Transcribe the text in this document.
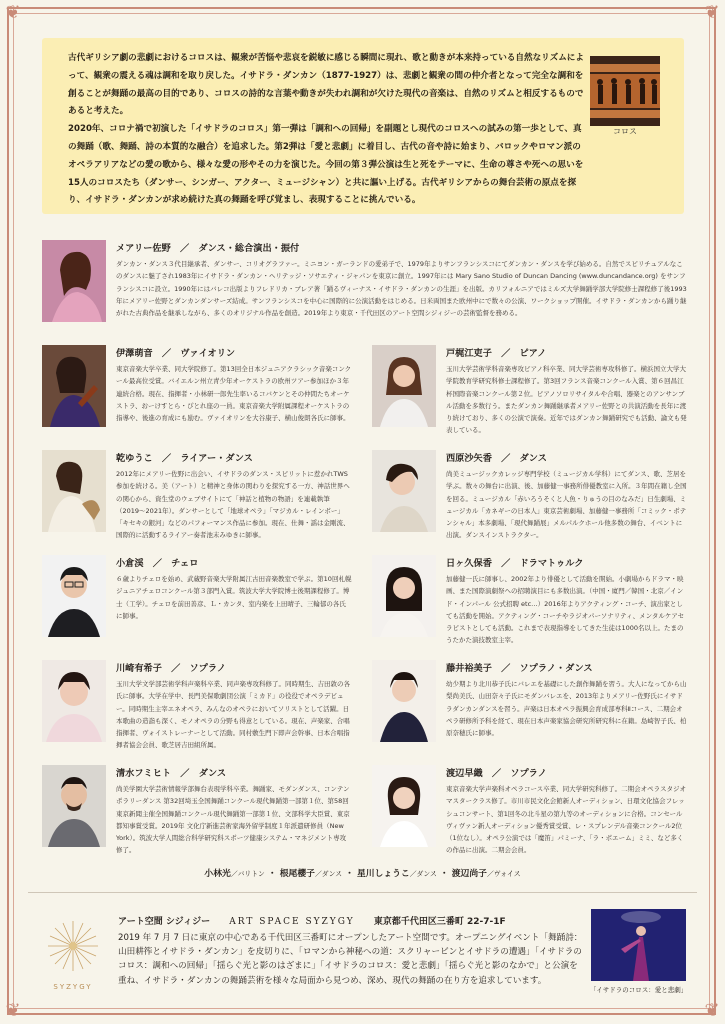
❦	❦
❦	❦

古代ギリシア劇の悲劇におけるコロスは、観衆が苦悩や悲哀を鋭敏に感じる瞬間に現れ、歌と動きが本来持っている自然なリズムによって、観衆の震える魂は調和を取り戻した。イサドラ・ダンカン（1877-1927）は、悲劇と観衆の間の仲介者となって完全な調和を創ることが舞踊の最高の目的であり、コロスの詩的な言葉や動きが失われ調和が欠けた現代の音楽は、自然のリズムと相反するものであると考えた。

2020年、コロナ禍で初演した「イサドラのコロス」第一弾は「調和への回帰」を副題とし現代のコロスへの試みの第一歩として、真の舞踊（歌、舞踊、詩の本質的な融合）を追求した。第2弾は「愛と悲劇」に着目し、古代の音や詩に始まり、バロックやロマン派のオペラアリアなどの愛の歌から、様々な愛の形やその力を演じた。今回の第３弾公演は生と死をテーマに、生命の尊さや死への思いを15人のコロスたち（ダンサー、シンガー、アクター、ミュージシャン）と共に謳い上げる。古代ギリシアからの舞台芸術の原点を探り、イサドラ・ダンカンが求め続けた真の舞踊を呼び覚まし、表現することに挑んでいる。

コロス

メアリー佐野　／　ダンス・総合演出・振付

ダンカン・ダンス３代目継承者、ダンサー、コリオグラファー。ミニヨン・ガーランドの愛弟子で、1979年よりサンフランシスコにてダンカン・ダンスを学び始める。自然でスピリチュアルなこのダンスに魅了され1983年にイサドラ・ダンカン・ヘリテッジ・ソサエティ・ジャパンを東京に創立。1997年には Mary Sano Studio of Duncan Dancing (www.duncandance.org) をサンフランシスコに設立。1990年にはバレコ出版よりフレドリカ・ブレア著「踊るヴィーナス・イサドラ・ダンカンの生涯」を出版。カリフォルニアではミルズ大学舞踊学部大学院修士課程修了後1993年にメアリー佐野とダンカンダンサーズ結成。サンフランシスコを中心に国際的に公演活動をはじめる。日米両国また欧州中にで数々の公演、ワークショップ開催。イサドラ・ダンカンから踊り継がれた古典作品を継承しながら、多くのオリジナル作品を創造。2019年より東京・千代田区のアート空間シジィジーの芸術監督を務める。

伊澤萌音　／　ヴァイオリン

東京音楽大学卒業、同大学院修了。第13回全日本ジュニアクラシック音楽コンクール最高位受賞。バイエルン州立青少年オーケストラの欧州ツアー参加ほか３年連続合格。現在、指揮者・小林研一郎先生率いるコバケンとその仲間たちオーケストラ、おーけすとら・ぴとれ座の一員。東京音楽大学附属課程オーケストラの指導や、後進の育成にも励む。ヴァイオリンを大谷康子、横山俊朗各氏に師事。

戸梶江吏子　／　ピアノ

玉川大学芸術学科音楽専攻ピアノ科卒業、同大学芸術専攻科修了。横浜国立大学大学院教育学研究科修士課程修了。第3回フランス音楽コンクール入賞、第６回昌江杯国際音楽コンクール第２位。ピアノソロリサイタルや合唱、器楽とのアンサンブル活動を多数行う。またダンカン舞踊継承者メアリー佐野との共演活動を長年に渡り続けており、多くの公演で演奏。近年ではダンカン舞踊研究でも活動、論文も発表している。

乾ゆうこ　／　ライアー・ダンス

2012年にメアリー佐野に出会い、イサドラのダンス・スピリットに惹かれTWS参加を続ける。美（アート）と精神と身体の関わりを探究する一方、神話世界への関心から、資生堂のウェブサイトにて「神話と植物の物語」を連載執筆（2019～2021年）。ダンサーとして「地球オペラ」「マジカル・レインボー」「キセキの銀河」などのパフォーマンス作品に参加。現在、仕舞・謡は金剛流、国際的に活動するライアー奏者池末みゆきに師事。

西原沙矢香　／　ダンス

尚美ミュージックカレッジ専門学校（ミュージカル学科）にてダンス、歌、芝居を学ぶ。数々の舞台に出演、後、加藤健一事務所俳優教室に入所。３年間在籍し全国を回る。ミュージカル「赤いろうそくと人魚・りゅうの目のなみだ」日生劇場、ミュージカル「カネギーの日本人」東京芸術劇場、加藤健一事務所「コミック・ポテンシャル」本多劇場、「現代舞踊展」メルパルクホール他多数の舞台、イベントに出演。ダンスインストラクター。

小倉渓　／　チェロ

６歳よりチェロを始め、武蔵野音楽大学附属江古田音楽教室で学ぶ。第10回札幌ジュニアチェロコンクール第３部門入賞。筑波大学大学院博士後期課程修了。博士（工学）。チェロを前田善彦、Ｌ・カンタ、室内楽を上田晴子、三輪郁の各氏に師事。

日ヶ久保香　／　ドラマトゥルク

加藤健一氏に師事し、2002年より俳優として活動を開始。小劇場からドラマ・映画、また国際演劇祭への招聘演目にも多数出演。（中国・廈門／韓国・北京／インド・インパール 公式招聘 etc…）2016年よりアクティング・コーチ、演出家としても活動を開始。アクティング・コーチやラジオパーソナリティ、メンタルケアセラピストとしても活動。これまで表現指導をしてきた生徒は1000名以上。たまのうたかた演技教室主宰。

川崎有希子　／　ソプラノ

玉川大学文学部芸術学科声楽科卒業、同声楽専攻科修了。同時期生、吉田敦の各氏に師事。大学在学中、長門美保歌劇団公演「ミカド」の役役でオペラデビュー。同時期生主宰エネオペラ、みんなのオペラにおいてソリストとして活躍。日本歌曲の造詣も深く、モノオペラの分野も得意としている。現在、声楽家、合唱指揮者、ヴォイストレーナーとして活動。同村敷生門下即声会幹事、日本合唱指揮者協会会員、歌芝居吉田組所属。

藤井裕美子　／　ソプラノ・ダンス

幼少期より北川恭子氏にバレエを基礎にした創作舞踊を習う。大人になってから山梨尚美氏、山田奈々子氏にモダンバレエを、2013年よりメアリー佐野氏にイサドラダンカンダンスを習う。声楽は日本オペラ振興会育成部専科Ⅱコース、二期会オペラ研修所予科を経て、現在日本声楽家協会研究所研究科に在籍。島崎智子氏、柏原奈穂氏に師事。

清水フミヒト　／　ダンス

尚美学園大学芸術情報学部舞台表現学科卒業。舞踊家、モダンダンス、コンテンポラリーダンス 第32回埼玉全国舞踊コンクール現代舞踊第一部第１位、第58回東京新聞主催全国舞踊コンクール現代舞踊第一部第１位、文部科学大臣賞、東京都知事賞受賞。2019年 文化庁新進芸術家海外留学制度１年派遣研修員（New York）。筑波大学人間総合科学研究科スポーツ健康システム・マネジメント専攻修了。

渡辺早織　／　ソプラノ

東京音楽大学声楽科オペラコース卒業、同大学研究科修了。二期会オペラスタジオマスタークラス修了。市川市民文化会館新人オーディション、日環文化協会フレッシュコンサート、第1回冬の北斗星の第九等のオーディションに合格。コンセールヴィヴァン新人オーディション優秀賞受賞、レ・スプレンデル音楽コンクール2位（1位なし）。オペラ公演では「魔笛」パミーナ、「ラ・ボエーム」ミミ、など多くの作品に出演。二期会会員。

小林光／バリトン ・ 根尾櫻子／ダンス ・ 星川しょうこ／ダンス ・ 渡辺尚子／ヴォイス
SYZYGY
アート空間 シジィジー ART SPACE SYZYGY 東京都千代田区三番町 22-7-1F

2019 年 7 月 7 日に東京の中心である千代田区三番町にオープンしたアート空間です。オープニングイベント「舞踊詩：山田耕筰とイサドラ・ダンカン」を皮切りに、「ロマンから神秘への道：スクリャービンとイサドラの遭遇」「イサドラのコロス：調和への回帰」「揺らぐ光と影のはざまに」「イサドラのコロス：愛と悲劇」「揺らぐ光と影のなかで」と公演を重ね、イサドラ・ダンカンの舞踊芸術を様々な局面から見つめ、深め、現代の舞踊の在り方を追求しています。

「イサドラのコロス：愛と悲劇」
